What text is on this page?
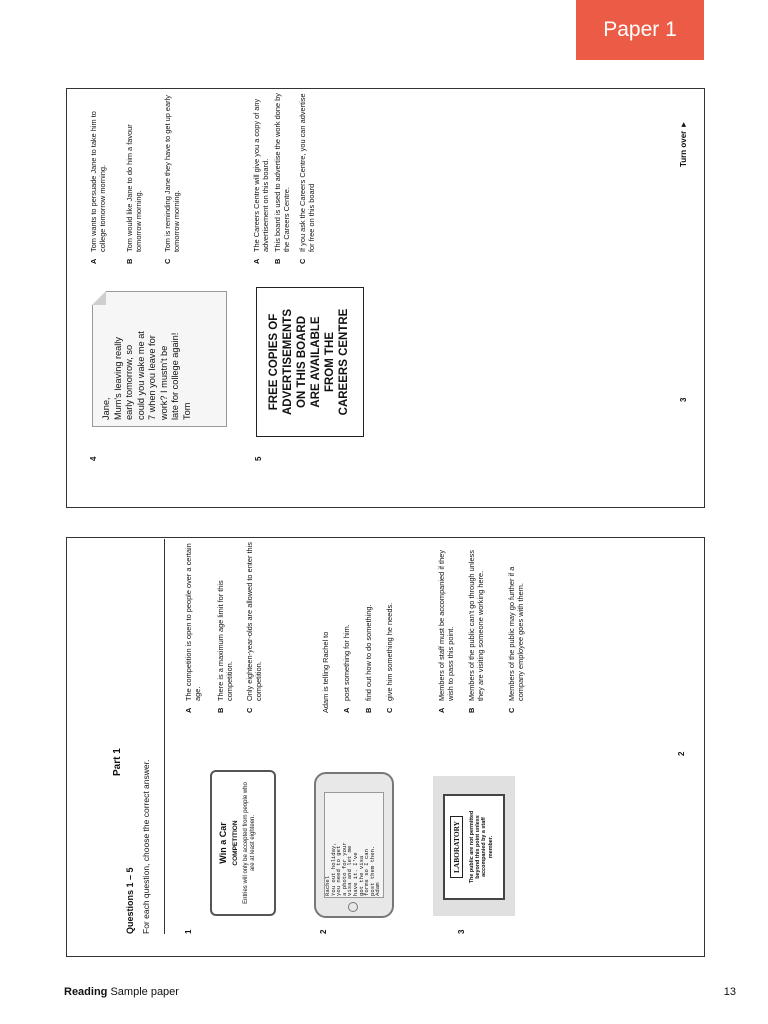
Paper 1
Part 1
Questions 1 – 5 For each question, choose the correct answer.	1
Win a Car COMPETITION Entries will only be accepted from people who are at least eighteen.
AThe competition is open to people over a certain age.
BThere is a maximum age limit for this competition.
COnly eighteen-year-olds are allowed to enter this competition.
2
Rachel
You out holiday,
you need to get
a photo for your
visa and let me
have it. I've
got the visa
forms so I can
post them then.
Adam
Adam is telling Rachel to Apost something for him.
Bfind out how to do something.
Cgive him something he needs.
3
LABORATORY The public are not permitted beyond this point unless accompanied by a staff member.
AMembers of staff must be accompanied if they wish to pass this point.
BMembers of the public can't go through unless they are visiting someone working here.
CMembers of the public may go further if a company employee goes with them.
2
4
Jane, Mum's leaving really early tomorrow, so could you wake me at 7 when you leave for work? I mustn't be late for college again! Tom
ATom wants to persuade Jane to take him to college tomorrow morning.
BTom would like Jane to do him a favour tomorrow morning.
CTom is reminding Jane they have to get up early tomorrow morning.
5
FREE COPIES OF ADVERTISEMENTS ON THIS BOARD ARE AVAILABLE FROM THE CAREERS CENTRE
AThe Careers Centre will give you a copy of any advertisement on this board.
BThis board is used to advertise the work done by the Careers Centre.
CIf you ask the Careers Centre, you can advertise for free on this board
3
Turn over ►
Reading Sample paper	13
